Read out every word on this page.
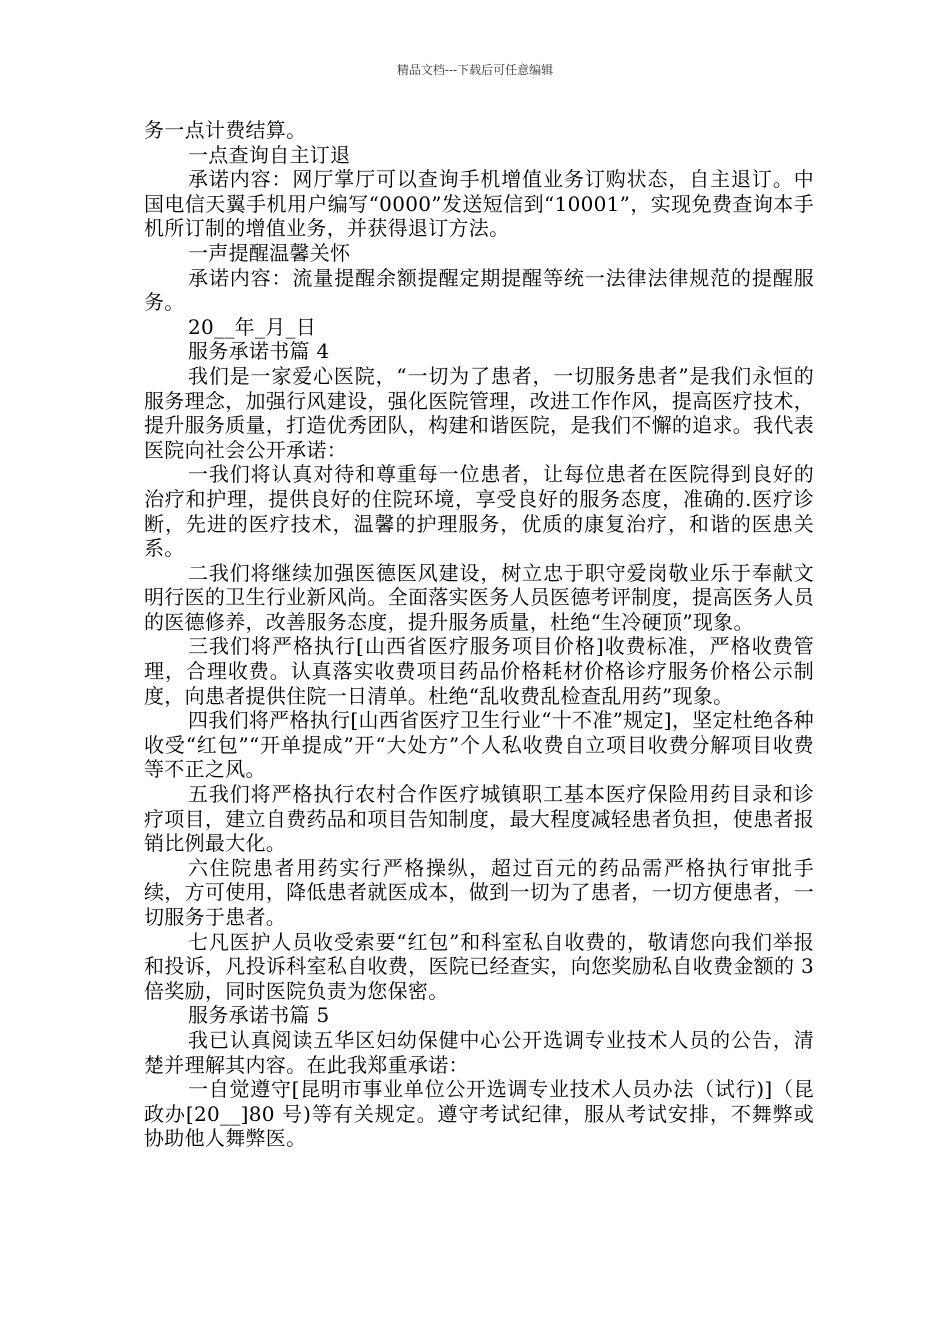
精品文档---下载后可任意编辑

务一点计费结算。

一点查询自主订退

承诺内容：网厅掌厅可以查询手机增值业务订购状态，自主退订。中国电信天翼手机用户编写“0000”发送短信到“10001”，实现免费查询本手机所订制的增值业务，并获得退订方法。

一声提醒温馨关怀

承诺内容：流量提醒余额提醒定期提醒等统一法律法律规范的提醒服务。

20__年_月_日

服务承诺书篇 4

我们是一家爱心医院，“一切为了患者，一切服务患者”是我们永恒的服务理念，加强行风建设，强化医院管理，改进工作作风，提高医疗技术，提升服务质量，打造优秀团队，构建和谐医院，是我们不懈的追求。我代表医院向社会公开承诺：

一我们将认真对待和尊重每一位患者，让每位患者在医院得到良好的治疗和护理，提供良好的住院环境，享受良好的服务态度，准确的.医疗诊断，先进的医疗技术，温馨的护理服务，优质的康复治疗，和谐的医患关系。

二我们将继续加强医德医风建设，树立忠于职守爱岗敬业乐于奉献文明行医的卫生行业新风尚。全面落实医务人员医德考评制度，提高医务人员的医德修养，改善服务态度，提升服务质量，杜绝“生冷硬顶”现象。

三我们将严格执行[山西省医疗服务项目价格]收费标准，严格收费管理，合理收费。认真落实收费项目药品价格耗材价格诊疗服务价格公示制度，向患者提供住院一日清单。杜绝“乱收费乱检查乱用药”现象。

四我们将严格执行[山西省医疗卫生行业“十不准”规定]，坚定杜绝各种收受“红包”“开单提成”开“大处方”个人私收费自立项目收费分解项目收费等不正之风。

五我们将严格执行农村合作医疗城镇职工基本医疗保险用药目录和诊疗项目，建立自费药品和项目告知制度，最大程度减轻患者负担，使患者报销比例最大化。

六住院患者用药实行严格操纵，超过百元的药品需严格执行审批手续，方可使用，降低患者就医成本，做到一切为了患者，一切方便患者，一切服务于患者。

七凡医护人员收受索要“红包”和科室私自收费的，敬请您向我们举报和投诉，凡投诉科室私自收费，医院已经查实，向您奖励私自收费金额的 3 倍奖励，同时医院负责为您保密。

服务承诺书篇 5

我已认真阅读五华区妇幼保健中心公开选调专业技术人员的公告，清楚并理解其内容。在此我郑重承诺：

一自觉遵守[昆明市事业单位公开选调专业技术人员办法（试行)]（昆政办[20__]80 号)等有关规定。遵守考试纪律，服从考试安排，不舞弊或协助他人舞弊医。
